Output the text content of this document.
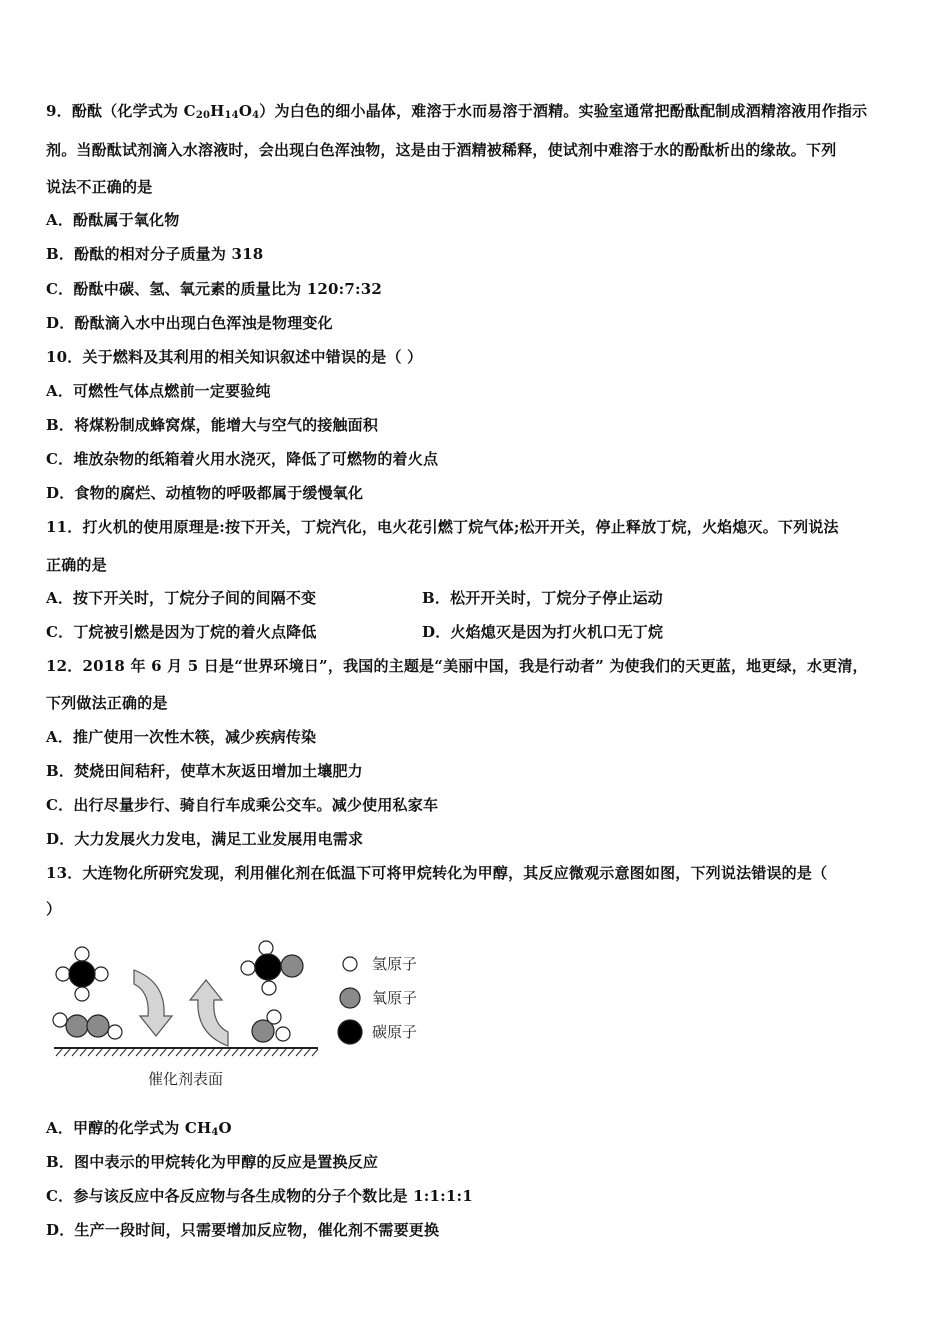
9．酚酞（化学式为 $C_{20}H_{14}O_4$）为白色的细小晶体，难溶于水而易溶于酒精。实验室通常把酚酞配制成酒精溶液用作指示
剂。当酚酞试剂滴入水溶液时，会出现白色浑浊物，这是由于酒精被稀释，使试剂中难溶于水的酚酞析出的缘故。下列
说法不正确的是
A．酚酞属于氧化物
B．酚酞的相对分子质量为 318
C．酚酞中碳、氢、氧元素的质量比为 120:7:32
D．酚酞滴入水中出现白色浑浊是物理变化
10．关于燃料及其利用的相关知识叙述中错误的是（ ）
A．可燃性气体点燃前一定要验纯
B．将煤粉制成蜂窝煤，能增大与空气的接触面积
C．堆放杂物的纸箱着火用水浇灭，降低了可燃物的着火点
D．食物的腐烂、动植物的呼吸都属于缓慢氧化
11．打火机的使用原理是:按下开关，丁烷汽化，电火花引燃丁烷气体;松开开关，停止释放丁烷，火焰熄灭。下列说法
正确的是
A．按下开关时，丁烷分子间的间隔不变	B．松开开关时，丁烷分子停止运动
C．丁烷被引燃是因为丁烷的着火点降低	D．火焰熄灭是因为打火机口无丁烷
12．2018 年 6 月 5 日是“世界环境日”，我国的主题是“美丽中国，我是行动者” 为使我们的天更蓝，地更绿，水更清，
下列做法正确的是
A．推广使用一次性木筷，减少疾病传染
B．焚烧田间秸秆，使草木灰返田增加土壤肥力
C．出行尽量步行、骑自行车成乘公交车。减少使用私家车
D．大力发展火力发电，满足工业发展用电需求
13．大连物化所研究发现，利用催化剂在低温下可将甲烷转化为甲醇，其反应微观示意图如图，下列说法错误的是（
）
催化剂表面
氢原子
氧原子
碳原子
A．甲醇的化学式为 $CH_4O$
B．图中表示的甲烷转化为甲醇的反应是置换反应
C．参与该反应中各反应物与各生成物的分子个数比是 1:1:1:1
D．生产一段时间，只需要增加反应物，催化剂不需要更换
